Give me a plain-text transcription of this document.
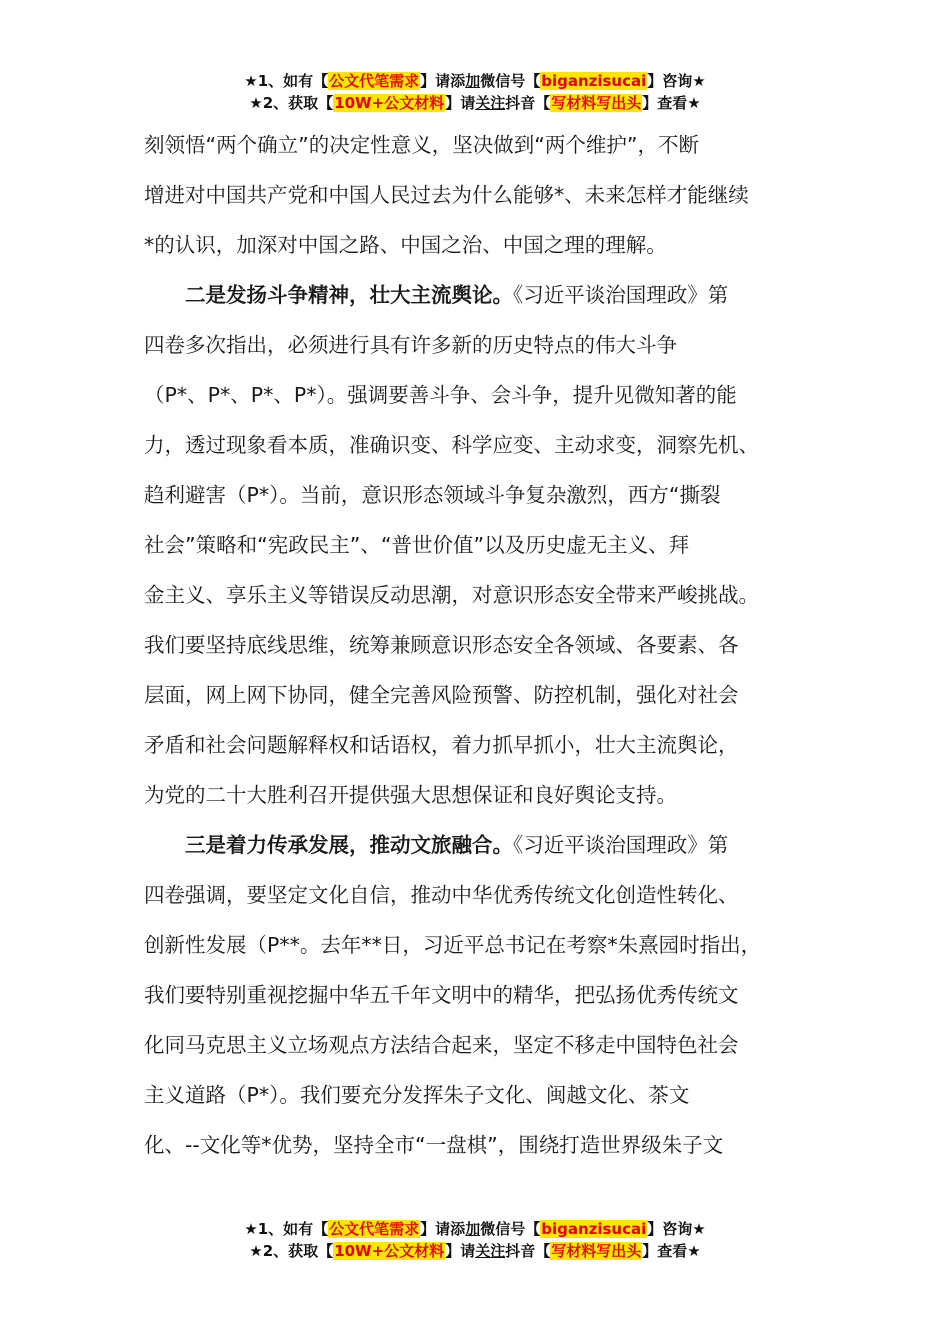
★1、如有【公文代笔需求】请添加微信号【biganzisucai】咨询★
★2、获取【10W+公文材料】请关注抖音【写材料写出头】查看★
刻领悟“两个确立”的决定性意义，坚决做到“两个维护”，不断
增进对中国共产党和中国人民过去为什么能够*、未来怎样才能继续
*的认识，加深对中国之路、中国之治、中国之理的理解。
二是发扬斗争精神，壮大主流舆论。《习近平谈治国理政》第
四卷多次指出，必须进行具有许多新的历史特点的伟大斗争
（P*、P*、P*、P*）。强调要善斗争、会斗争，提升见微知著的能
力，透过现象看本质，准确识变、科学应变、主动求变，洞察先机、
趋利避害（P*）。当前，意识形态领域斗争复杂激烈，西方“撕裂
社会”策略和“宪政民主”、“普世价值”以及历史虚无主义、拜
金主义、享乐主义等错误反动思潮，对意识形态安全带来严峻挑战。
我们要坚持底线思维，统筹兼顾意识形态安全各领域、各要素、各
层面，网上网下协同，健全完善风险预警、防控机制，强化对社会
矛盾和社会问题解释权和话语权，着力抓早抓小，壮大主流舆论，
为党的二十大胜利召开提供强大思想保证和良好舆论支持。
三是着力传承发展，推动文旅融合。《习近平谈治国理政》第
四卷强调，要坚定文化自信，推动中华优秀传统文化创造性转化、
创新性发展（P**。去年**日，习近平总书记在考察*朱熹园时指出，
我们要特别重视挖掘中华五千年文明中的精华，把弘扬优秀传统文
化同马克思主义立场观点方法结合起来，坚定不移走中国特色社会
主义道路（P*）。我们要充分发挥朱子文化、闽越文化、茶文
化、--文化等*优势，坚持全市“一盘棋”，围绕打造世界级朱子文
★1、如有【公文代笔需求】请添加微信号【biganzisucai】咨询★
★2、获取【10W+公文材料】请关注抖音【写材料写出头】查看★
